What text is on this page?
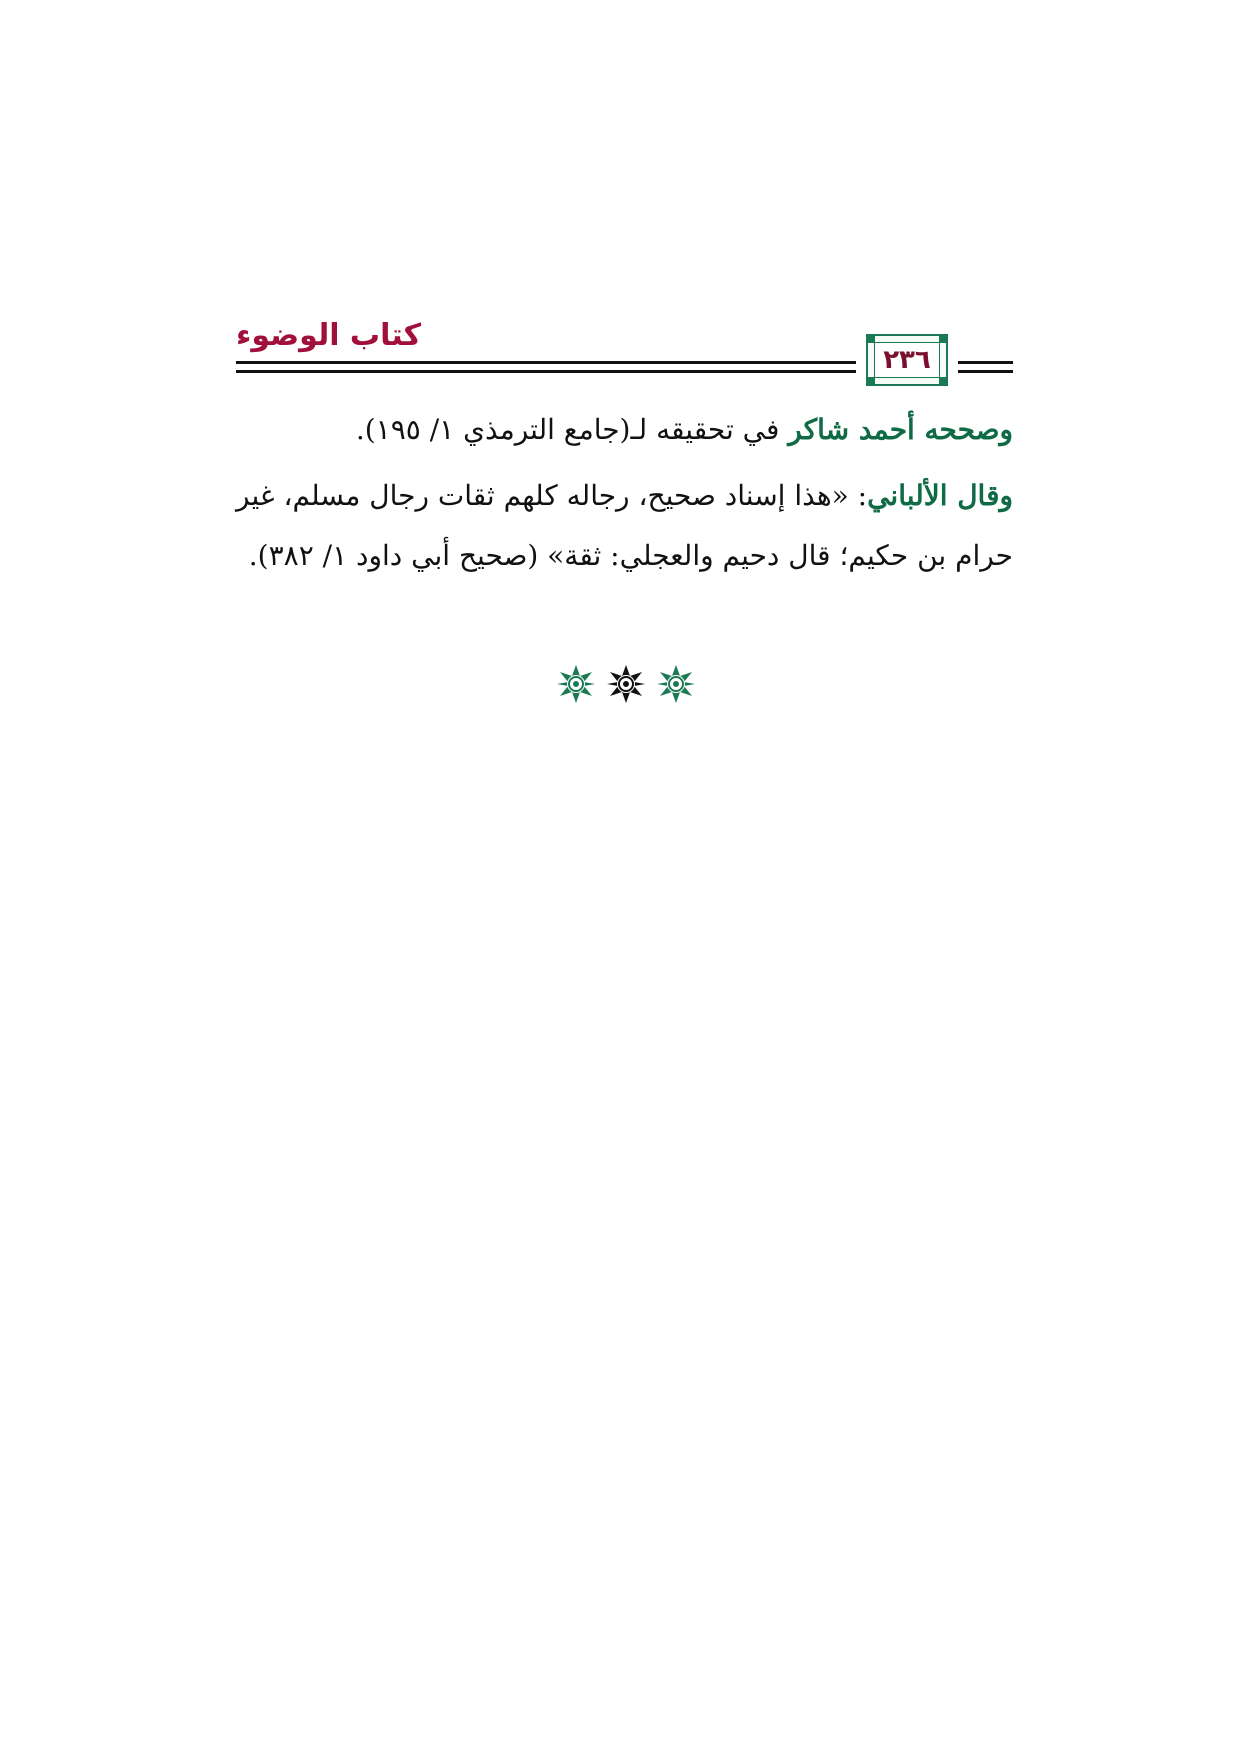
كتاب الوضوء
٢٣٦

وصححه أحمد شاكر في تحقيقه لـ(جامع الترمذي ١/ ١٩٥).

وقال الألباني: «هذا إسناد صحيح، رجاله كلهم ثقات رجال مسلم، غير حرام بن حكيم؛ قال دحيم والعجلي: ثقة» (صحيح أبي داود ١/ ٣٨٢).
